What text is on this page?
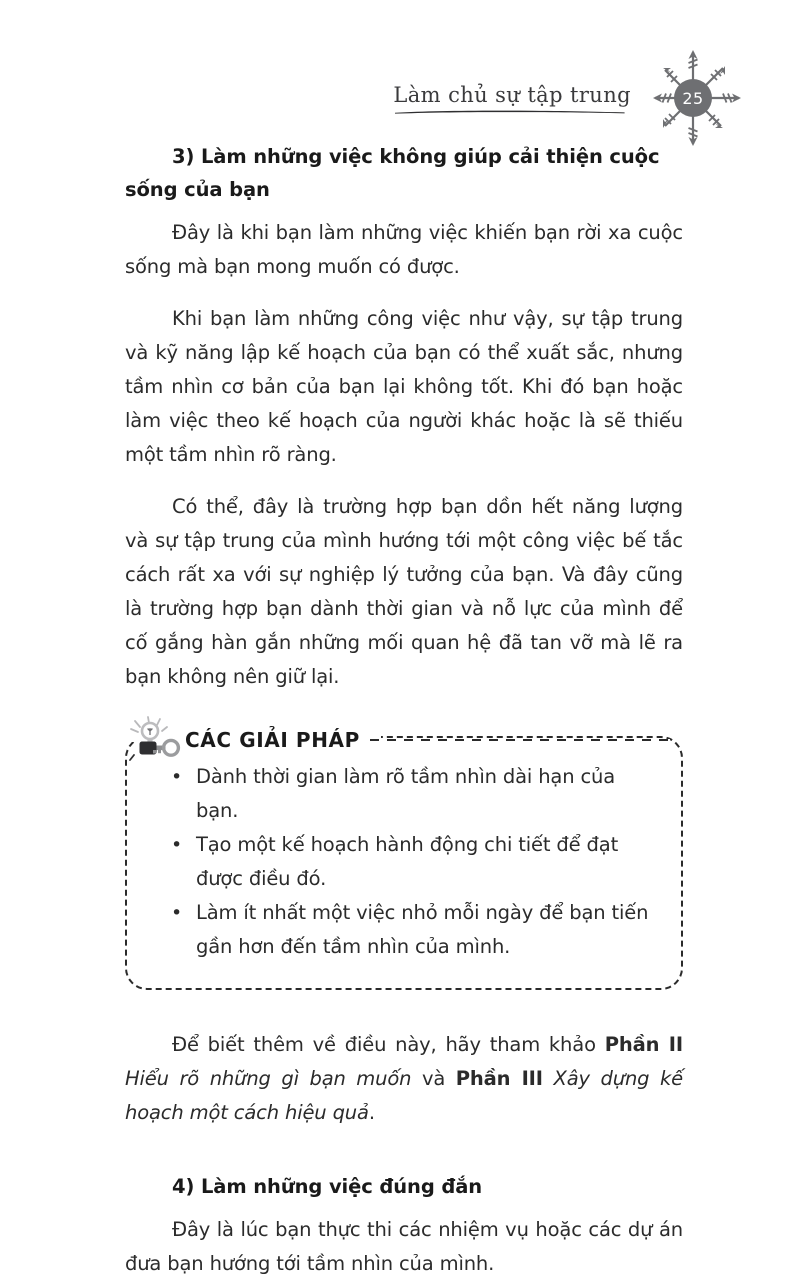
Làm chủ sự tập trung	25
3) Làm những việc không giúp cải thiện cuộc sống của bạn

Đây là khi bạn làm những việc khiến bạn rời xa cuộc sống mà bạn mong muốn có được.

Khi bạn làm những công việc như vậy, sự tập trung và kỹ năng lập kế hoạch của bạn có thể xuất sắc, nhưng tầm nhìn cơ bản của bạn lại không tốt. Khi đó bạn hoặc làm việc theo kế hoạch của người khác hoặc là sẽ thiếu một tầm nhìn rõ ràng.

Có thể, đây là trường hợp bạn dồn hết năng lượng và sự tập trung của mình hướng tới một công việc bế tắc cách rất xa với sự nghiệp lý tưởng của bạn. Và đây cũng là trường hợp bạn dành thời gian và nỗ lực của mình để cố gắng hàn gắn những mối quan hệ đã tan vỡ mà lẽ ra bạn không nên giữ lại.

CÁC GIẢI PHÁP
• Dành thời gian làm rõ tầm nhìn dài hạn của bạn.
• Tạo một kế hoạch hành động chi tiết để đạt được điều đó.
• Làm ít nhất một việc nhỏ mỗi ngày để bạn tiến gần hơn đến tầm nhìn của mình.

Để biết thêm về điều này, hãy tham khảo Phần II Hiểu rõ những gì bạn muốn và Phần III Xây dựng kế hoạch một cách hiệu quả.

4) Làm những việc đúng đắn

Đây là lúc bạn thực thi các nhiệm vụ hoặc các dự án đưa bạn hướng tới tầm nhìn của mình.
